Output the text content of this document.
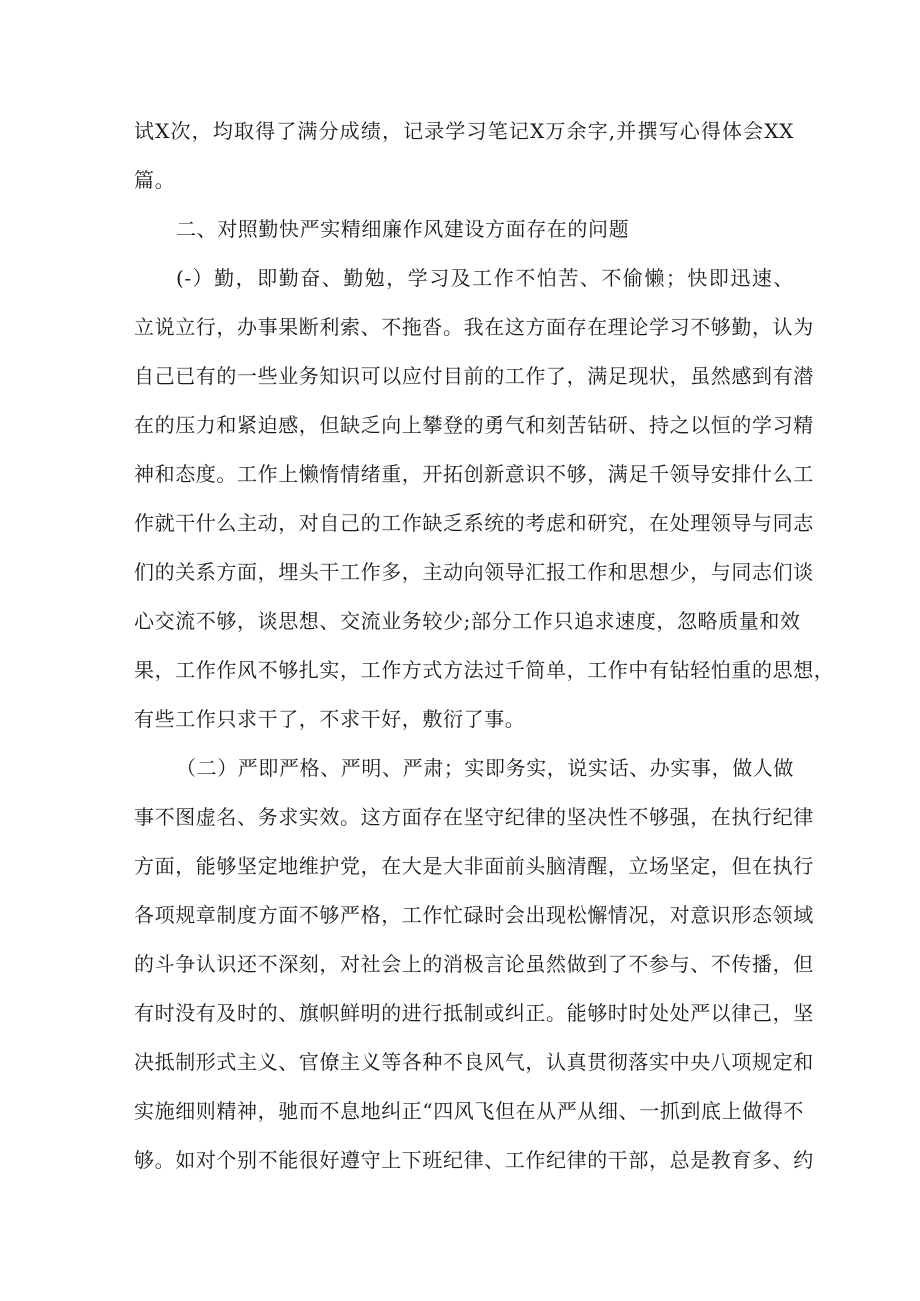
试X次，均取得了满分成绩，记录学习笔记X万余字,并撰写心得体会XX
篇。
二、对照勤快严实精细廉作风建设方面存在的问题
(-）勤，即勤奋、勤勉，学习及工作不怕苦、不偷懒；快即迅速、
立说立行，办事果断利索、不拖沓。我在这方面存在理论学习不够勤，认为
自己已有的一些业务知识可以应付目前的工作了，满足现状，虽然感到有潜
在的压力和紧迫感，但缺乏向上攀登的勇气和刻苦钻研、持之以恒的学习精
神和态度。工作上懒惰情绪重，开拓创新意识不够，满足千领导安排什么工
作就干什么主动，对自己的工作缺乏系统的考虑和研究，在处理领导与同志
们的关系方面，埋头干工作多，主动向领导汇报工作和思想少，与同志们谈
心交流不够，谈思想、交流业务较少;部分工作只追求速度，忽略质量和效
果，工作作风不够扎实，工作方式方法过千简单，工作中有钻轻怕重的思想，
有些工作只求干了，不求干好，敷衍了事。
（二）严即严格、严明、严肃；实即务实，说实话、办实事，做人做
事不图虚名、务求实效。这方面存在坚守纪律的坚决性不够强，在执行纪律
方面，能够坚定地维护党，在大是大非面前头脑清醒，立场坚定，但在执行
各项规章制度方面不够严格，工作忙碌时会出现松懈情况，对意识形态领域
的斗争认识还不深刻，对社会上的消极言论虽然做到了不参与、不传播，但
有时没有及时的、旗帜鲜明的进行抵制或纠正。能够时时处处严以律己，坚
决抵制形式主义、官僚主义等各种不良风气，认真贯彻落实中央八项规定和
实施细则精神，驰而不息地纠正“四风飞但在从严从细、一抓到底上做得不
够。如对个别不能很好遵守上下班纪律、工作纪律的干部，总是教育多、约
